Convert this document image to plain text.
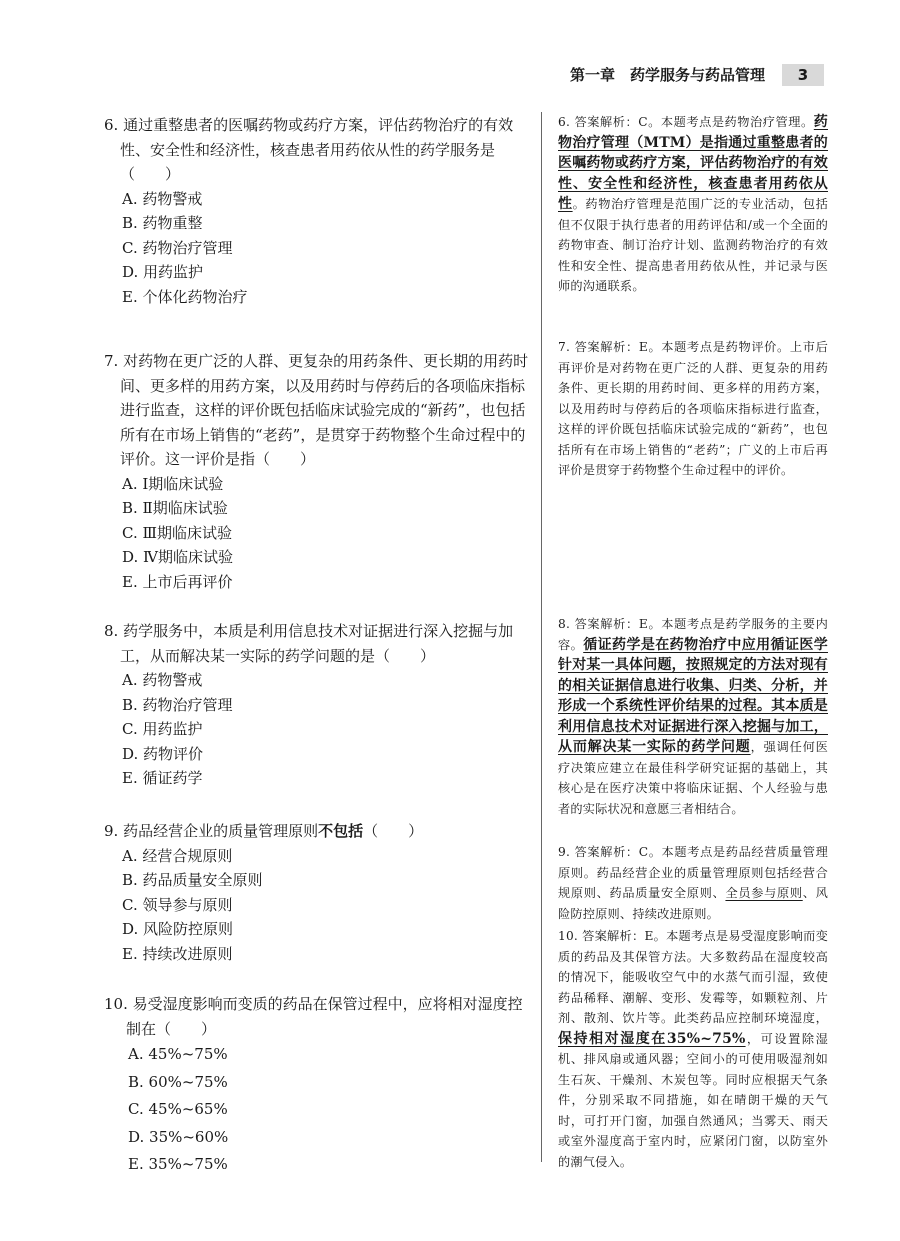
第一章　药学服务与药品管理	3

6. 通过重整患者的医嘱药物或药疗方案，评估药物治疗的有效性、安全性和经济性，核查患者用药依从性的药学服务是（　　）

A. 药物警戒
B. 药物重整
C. 药物治疗管理
D. 用药监护
E. 个体化药物治疗

7. 对药物在更广泛的人群、更复杂的用药条件、更长期的用药时间、更多样的用药方案，以及用药时与停药后的各项临床指标进行监查，这样的评价既包括临床试验完成的“新药”，也包括所有在市场上销售的“老药”，是贯穿于药物整个生命过程中的评价。这一评价是指（　　）

A. Ⅰ期临床试验
B. Ⅱ期临床试验
C. Ⅲ期临床试验
D. Ⅳ期临床试验
E. 上市后再评价

8. 药学服务中，本质是利用信息技术对证据进行深入挖掘与加工，从而解决某一实际的药学问题的是（　　）

A. 药物警戒
B. 药物治疗管理
C. 用药监护
D. 药物评价
E. 循证药学

9. 药品经营企业的质量管理原则不包括（　　）

A. 经营合规原则
B. 药品质量安全原则
C. 领导参与原则
D. 风险防控原则
E. 持续改进原则

10. 易受湿度影响而变质的药品在保管过程中，应将相对湿度控制在（　　）

A. 45%~75%
B. 60%~75%
C. 45%~65%
D. 35%~60%
E. 35%~75%

6. 答案解析：C。本题考点是药物治疗管理。药物治疗管理（MTM）是指通过重整患者的医嘱药物或药疗方案，评估药物治疗的有效性、安全性和经济性，核查患者用药依从性。药物治疗管理是范围广泛的专业活动，包括但不仅限于执行患者的用药评估和/或一个全面的药物审查、制订治疗计划、监测药物治疗的有效性和安全性、提高患者用药依从性，并记录与医师的沟通联系。

7. 答案解析：E。本题考点是药物评价。上市后再评价是对药物在更广泛的人群、更复杂的用药条件、更长期的用药时间、更多样的用药方案，以及用药时与停药后的各项临床指标进行监查，这样的评价既包括临床试验完成的“新药”，也包括所有在市场上销售的“老药”；广义的上市后再评价是贯穿于药物整个生命过程中的评价。

8. 答案解析：E。本题考点是药学服务的主要内容。循证药学是在药物治疗中应用循证医学针对某一具体问题，按照规定的方法对现有的相关证据信息进行收集、归类、分析，并形成一个系统性评价结果的过程。其本质是利用信息技术对证据进行深入挖掘与加工，从而解决某一实际的药学问题，强调任何医疗决策应建立在最佳科学研究证据的基础上，其核心是在医疗决策中将临床证据、个人经验与患者的实际状况和意愿三者相结合。

9. 答案解析：C。本题考点是药品经营质量管理原则。药品经营企业的质量管理原则包括经营合规原则、药品质量安全原则、全员参与原则、风险防控原则、持续改进原则。

10. 答案解析：E。本题考点是易受湿度影响而变质的药品及其保管方法。大多数药品在湿度较高的情况下，能吸收空气中的水蒸气而引湿，致使药品稀释、潮解、变形、发霉等，如颗粒剂、片剂、散剂、饮片等。此类药品应控制环境湿度，保持相对湿度在35%~75%，可设置除湿机、排风扇或通风器；空间小的可使用吸湿剂如生石灰、干燥剂、木炭包等。同时应根据天气条件，分别采取不同措施，如在晴朗干燥的天气时，可打开门窗，加强自然通风；当雾天、雨天或室外湿度高于室内时，应紧闭门窗，以防室外的潮气侵入。
